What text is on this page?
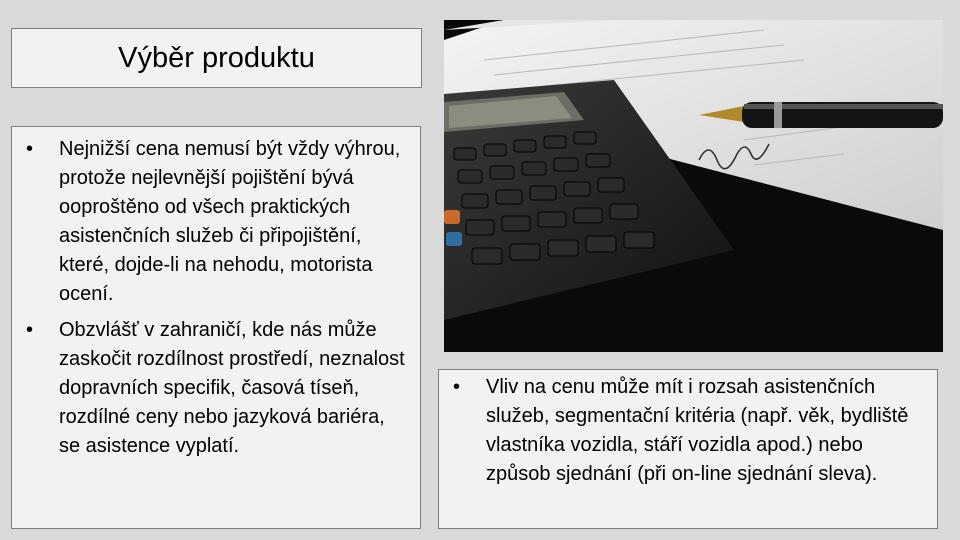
Výběr produktu
• Nejnižší cena nemusí být vždy výhrou, protože nejlevnější pojištění bývá ooproštěno od všech praktických asistenčních služeb či připojištění, které, dojde-li na nehodu, motorista ocení.
• Obzvlášť v zahraničí, kde nás může zaskočit rozdílnost prostředí, neznalost dopravních specifik, časová tíseň, rozdílné ceny nebo jazyková bariéra, se asistence vyplatí.
• Vliv na cenu může mít i rozsah asistenčních služeb, segmentační kritéria (např. věk, bydliště vlastníka vozidla, stáří vozidla apod.) nebo způsob sjednání (při on-line sjednání sleva).
